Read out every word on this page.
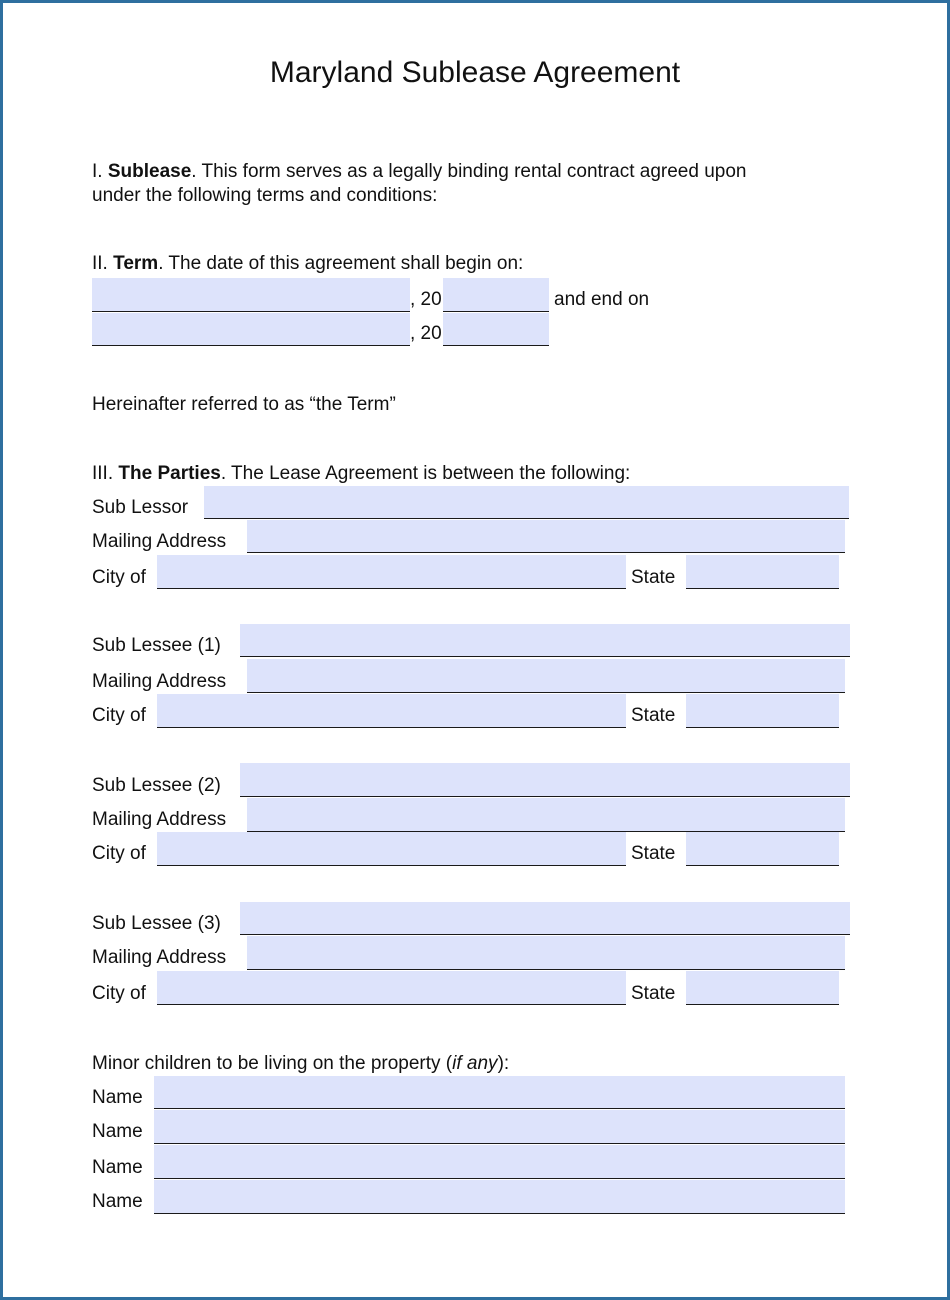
Maryland Sublease Agreement
I. Sublease. This form serves as a legally binding rental contract agreed upon
under the following terms and conditions:
II. Term. The date of this agreement shall begin on:
, 20	and end on
, 20
Hereinafter referred to as “the Term”
III. The Parties. The Lease Agreement is between the following:
Sub Lessor
Mailing Address
City of	State
Sub Lessee (1)
Mailing Address
City of	State
Sub Lessee (2)
Mailing Address
City of	State
Sub Lessee (3)
Mailing Address
City of	State
Minor children to be living on the property (if any):
Name
Name
Name
Name
